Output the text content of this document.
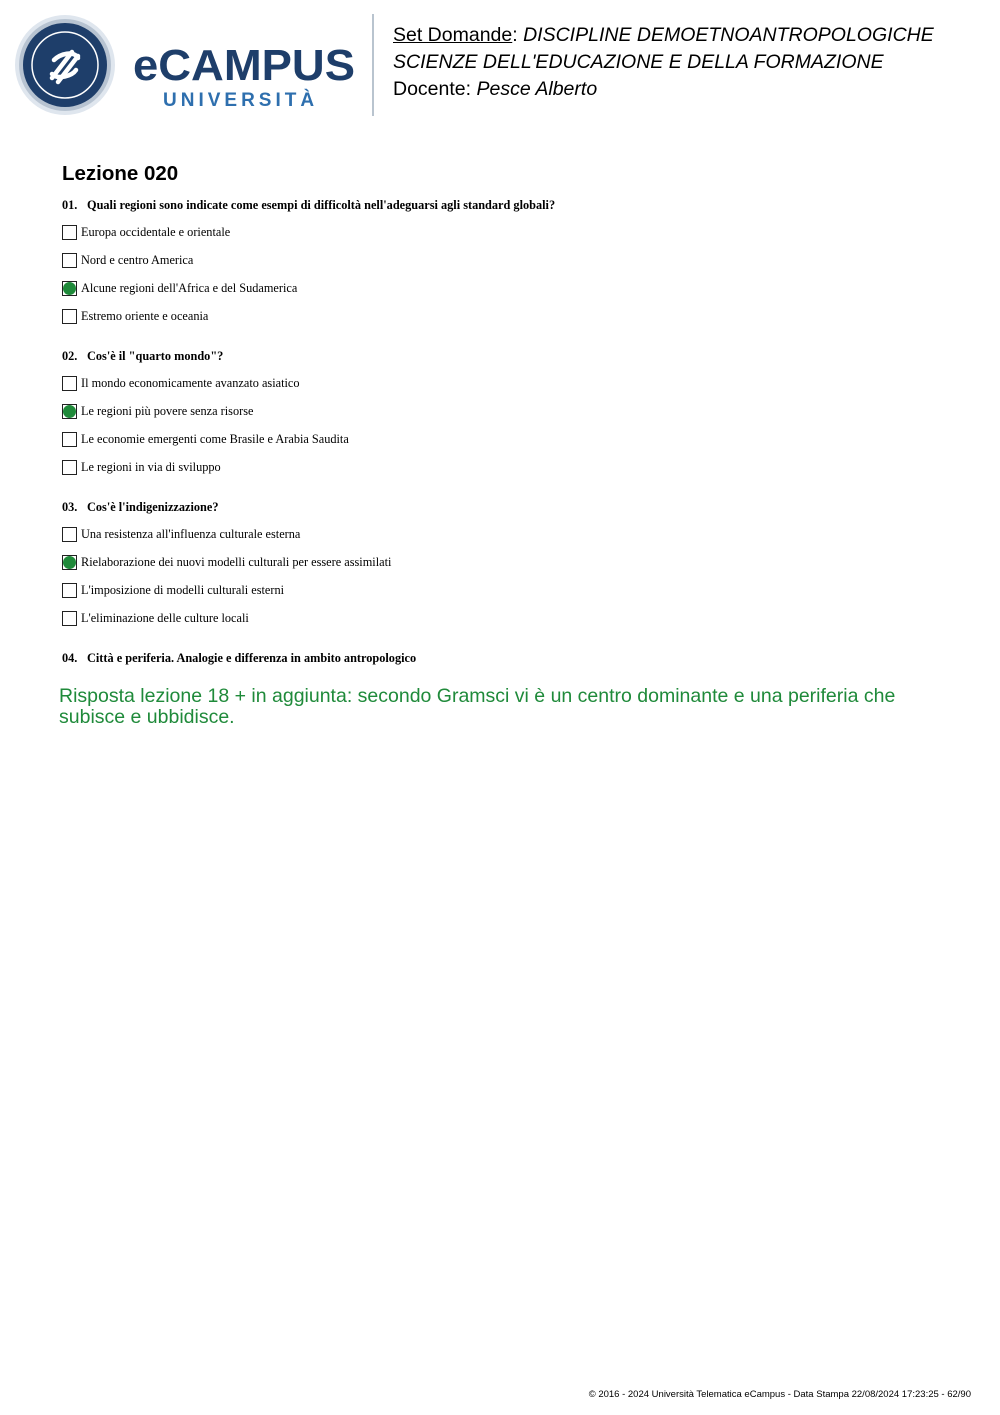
eCAMPUS
UNIVERSITÀ
Set Domande: DISCIPLINE DEMOETNOANTROPOLOGICHE
SCIENZE DELL'EDUCAZIONE E DELLA FORMAZIONE
Docente: Pesce Alberto
Lezione 020
01. Quali regioni sono indicate come esempi di difficoltà nell'adeguarsi agli standard globali?
Europa occidentale e orientale
Nord e centro America
Alcune regioni dell'Africa e del Sudamerica
Estremo oriente e oceania
02. Cos'è il "quarto mondo"?
Il mondo economicamente avanzato asiatico
Le regioni più povere senza risorse
Le economie emergenti come Brasile e Arabia Saudita
Le regioni in via di sviluppo
03. Cos'è l'indigenizzazione?
Una resistenza all'influenza culturale esterna
Rielaborazione dei nuovi modelli culturali per essere assimilati
L'imposizione di modelli culturali esterni
L'eliminazione delle culture locali
04. Città e periferia. Analogie e differenza in ambito antropologico
Risposta lezione 18 + in aggiunta: secondo Gramsci vi è un centro dominante e una periferia che subisce e ubbidisce.
© 2016 - 2024 Università Telematica eCampus - Data Stampa 22/08/2024 17:23:25 - 62/90
